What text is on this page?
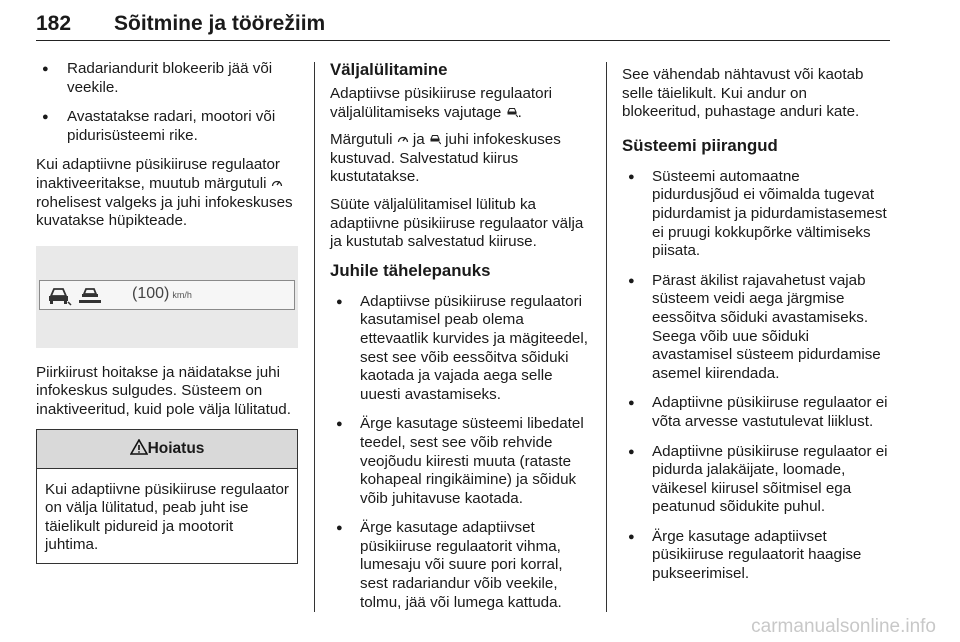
182 Sõitmine ja töörežiim
● Radariandurit blokeerib jää või veekile.
● Avastatakse radari, mootori või pidurisüsteemi rike.

Kui adaptiivne püsikiiruse regulaator inaktiveeritakse, muutub märgutuli  rohelisest valgeks ja juhi infokeskuses kuvatakse hüpikteade.

(100) km/h

Piirkiirust hoitakse ja näidatakse juhi infokeskus sulgudes. Süsteem on inaktiveeritud, kuid pole välja lülitatud.

Hoiatus
Kui adaptiivne püsikiiruse regulaator on välja lülitatud, peab juht ise täielikult pidureid ja mootorit juhtima.
Väljalülitamine

Adaptiivse püsikiiruse regulaatori väljalülitamiseks vajutage .

Märgutuli  ja  juhi infokeskuses kustuvad. Salvestatud kiirus kustutatakse.

Süüte väljalülitamisel lülitub ka adaptiivne püsikiiruse regulaator välja ja kustutab salvestatud kiiruse.

Juhile tähelepanuks
● Adaptiivse püsikiiruse regulaatori kasutamisel peab olema ettevaatlik kurvides ja mägiteedel, sest see võib eessõitva sõiduki kaotada ja vajada aega selle uuesti avastamiseks.
● Ärge kasutage süsteemi libedatel teedel, sest see võib rehvide veojõudu kiiresti muuta (rataste kohapeal ringikäimine) ja sõiduk võib juhitavuse kaotada.
● Ärge kasutage adaptiivset püsikiiruse regulaatorit vihma, lumesaju või suure pori korral, sest radariandur võib veekile, tolmu, jää või lumega kattuda.

See vähendab nähtavust või kaotab selle täielikult. Kui andur on blokeeritud, puhastage anduri kate.

Süsteemi piirangud
● Süsteemi automaatne pidurdusjõud ei võimalda tugevat pidurdamist ja pidurdamistasemest ei pruugi kokkupõrke vältimiseks piisata.
● Pärast äkilist rajavahetust vajab süsteem veidi aega järgmise eessõitva sõiduki avastamiseks. Seega võib uue sõiduki avastamisel süsteem pidurdamise asemel kiirendada.
● Adaptiivne püsikiiruse regulaator ei võta arvesse vastutulevat liiklust.
● Adaptiivne püsikiiruse regulaator ei pidurda jalakäijate, loomade, väikesel kiirusel sõitmisel ega peatunud sõidukite puhul.
● Ärge kasutage adaptiivset püsikiiruse regulaatorit haagise pukseerimisel.
carmanualsonline.info
